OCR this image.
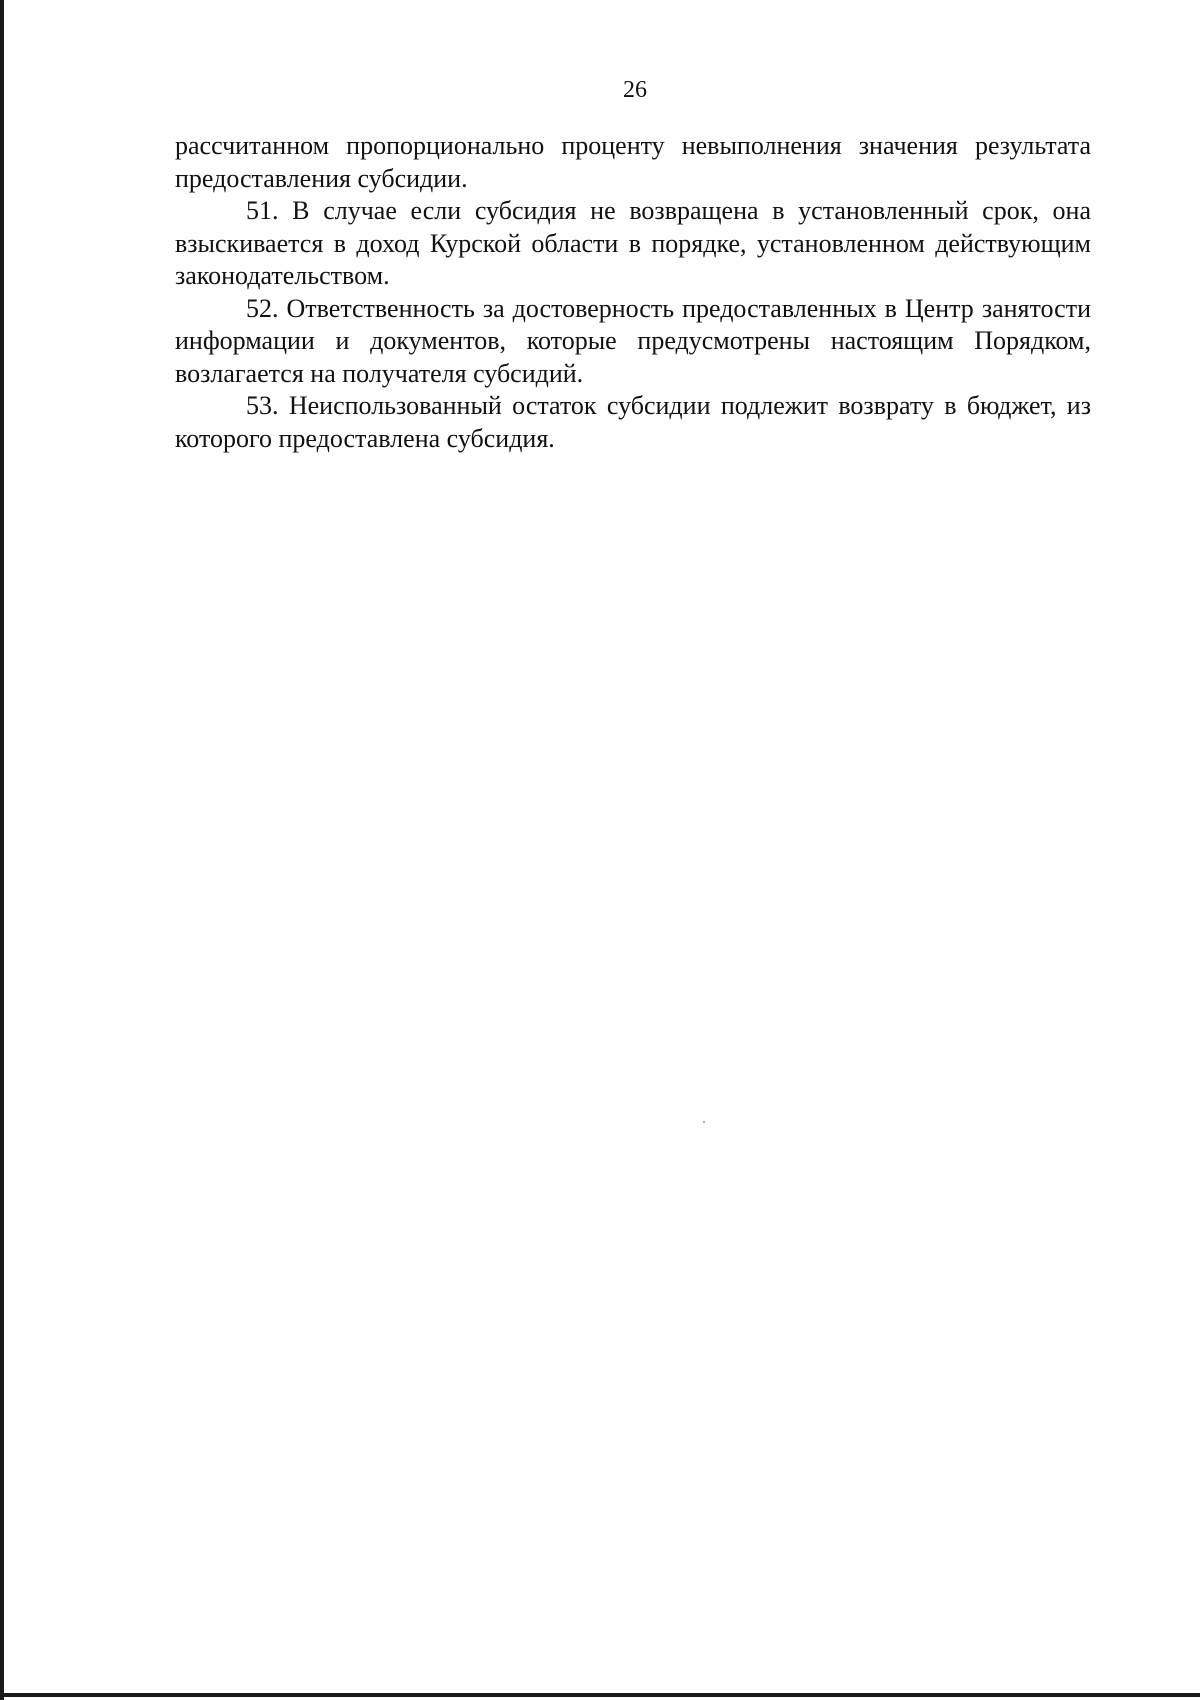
26

рассчитанном пропорционально проценту невыполнения значения результата предоставления субсидии.

51. В случае если субсидия не возвращена в установленный срок, она взыскивается в доход Курской области в порядке, установленном действующим законодательством.

52. Ответственность за достоверность предоставленных в Центр занятости информации и документов, которые предусмотрены настоящим Порядком, возлагается на получателя субсидий.

53. Неиспользованный остаток субсидии подлежит возврату в бюджет, из которого предоставлена субсидия.
